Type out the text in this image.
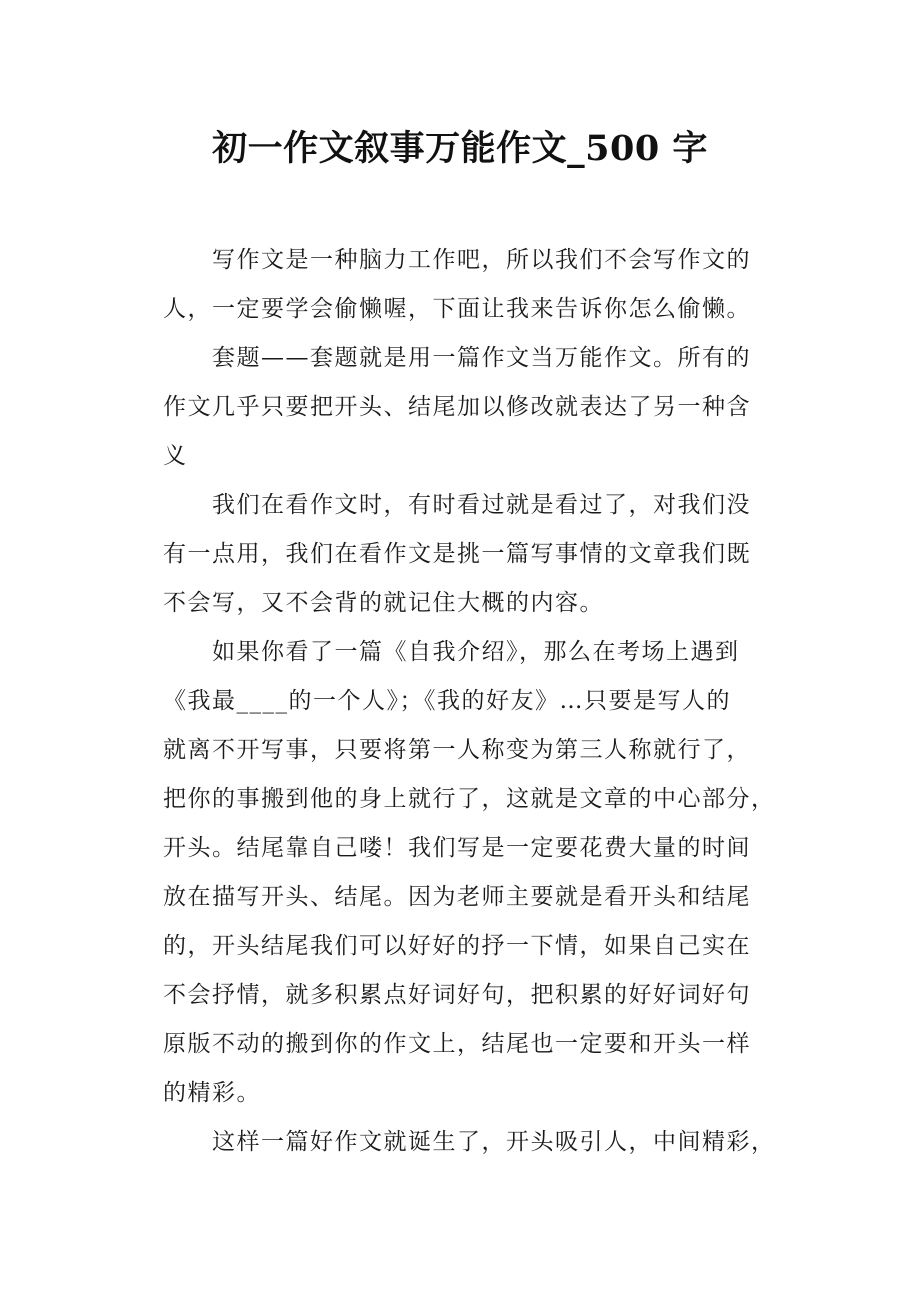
初一作文叙事万能作文_500 字
写作文是一种脑力工作吧，所以我们不会写作文的
人，一定要学会偷懒喔，下面让我来告诉你怎么偷懒。
套题——套题就是用一篇作文当万能作文。所有的
作文几乎只要把开头、结尾加以修改就表达了另一种含
义
我们在看作文时，有时看过就是看过了，对我们没
有一点用，我们在看作文是挑一篇写事情的文章我们既
不会写，又不会背的就记住大概的内容。
如果你看了一篇《自我介绍》，那么在考场上遇到
《我最____的一个人》；《我的好友》…只要是写人的
就离不开写事，只要将第一人称变为第三人称就行了，
把你的事搬到他的身上就行了，这就是文章的中心部分，
开头。结尾靠自己喽！我们写是一定要花费大量的时间
放在描写开头、结尾。因为老师主要就是看开头和结尾
的，开头结尾我们可以好好的抒一下情，如果自己实在
不会抒情，就多积累点好词好句，把积累的好好词好句
原版不动的搬到你的作文上，结尾也一定要和开头一样
的精彩。
这样一篇好作文就诞生了，开头吸引人，中间精彩，
